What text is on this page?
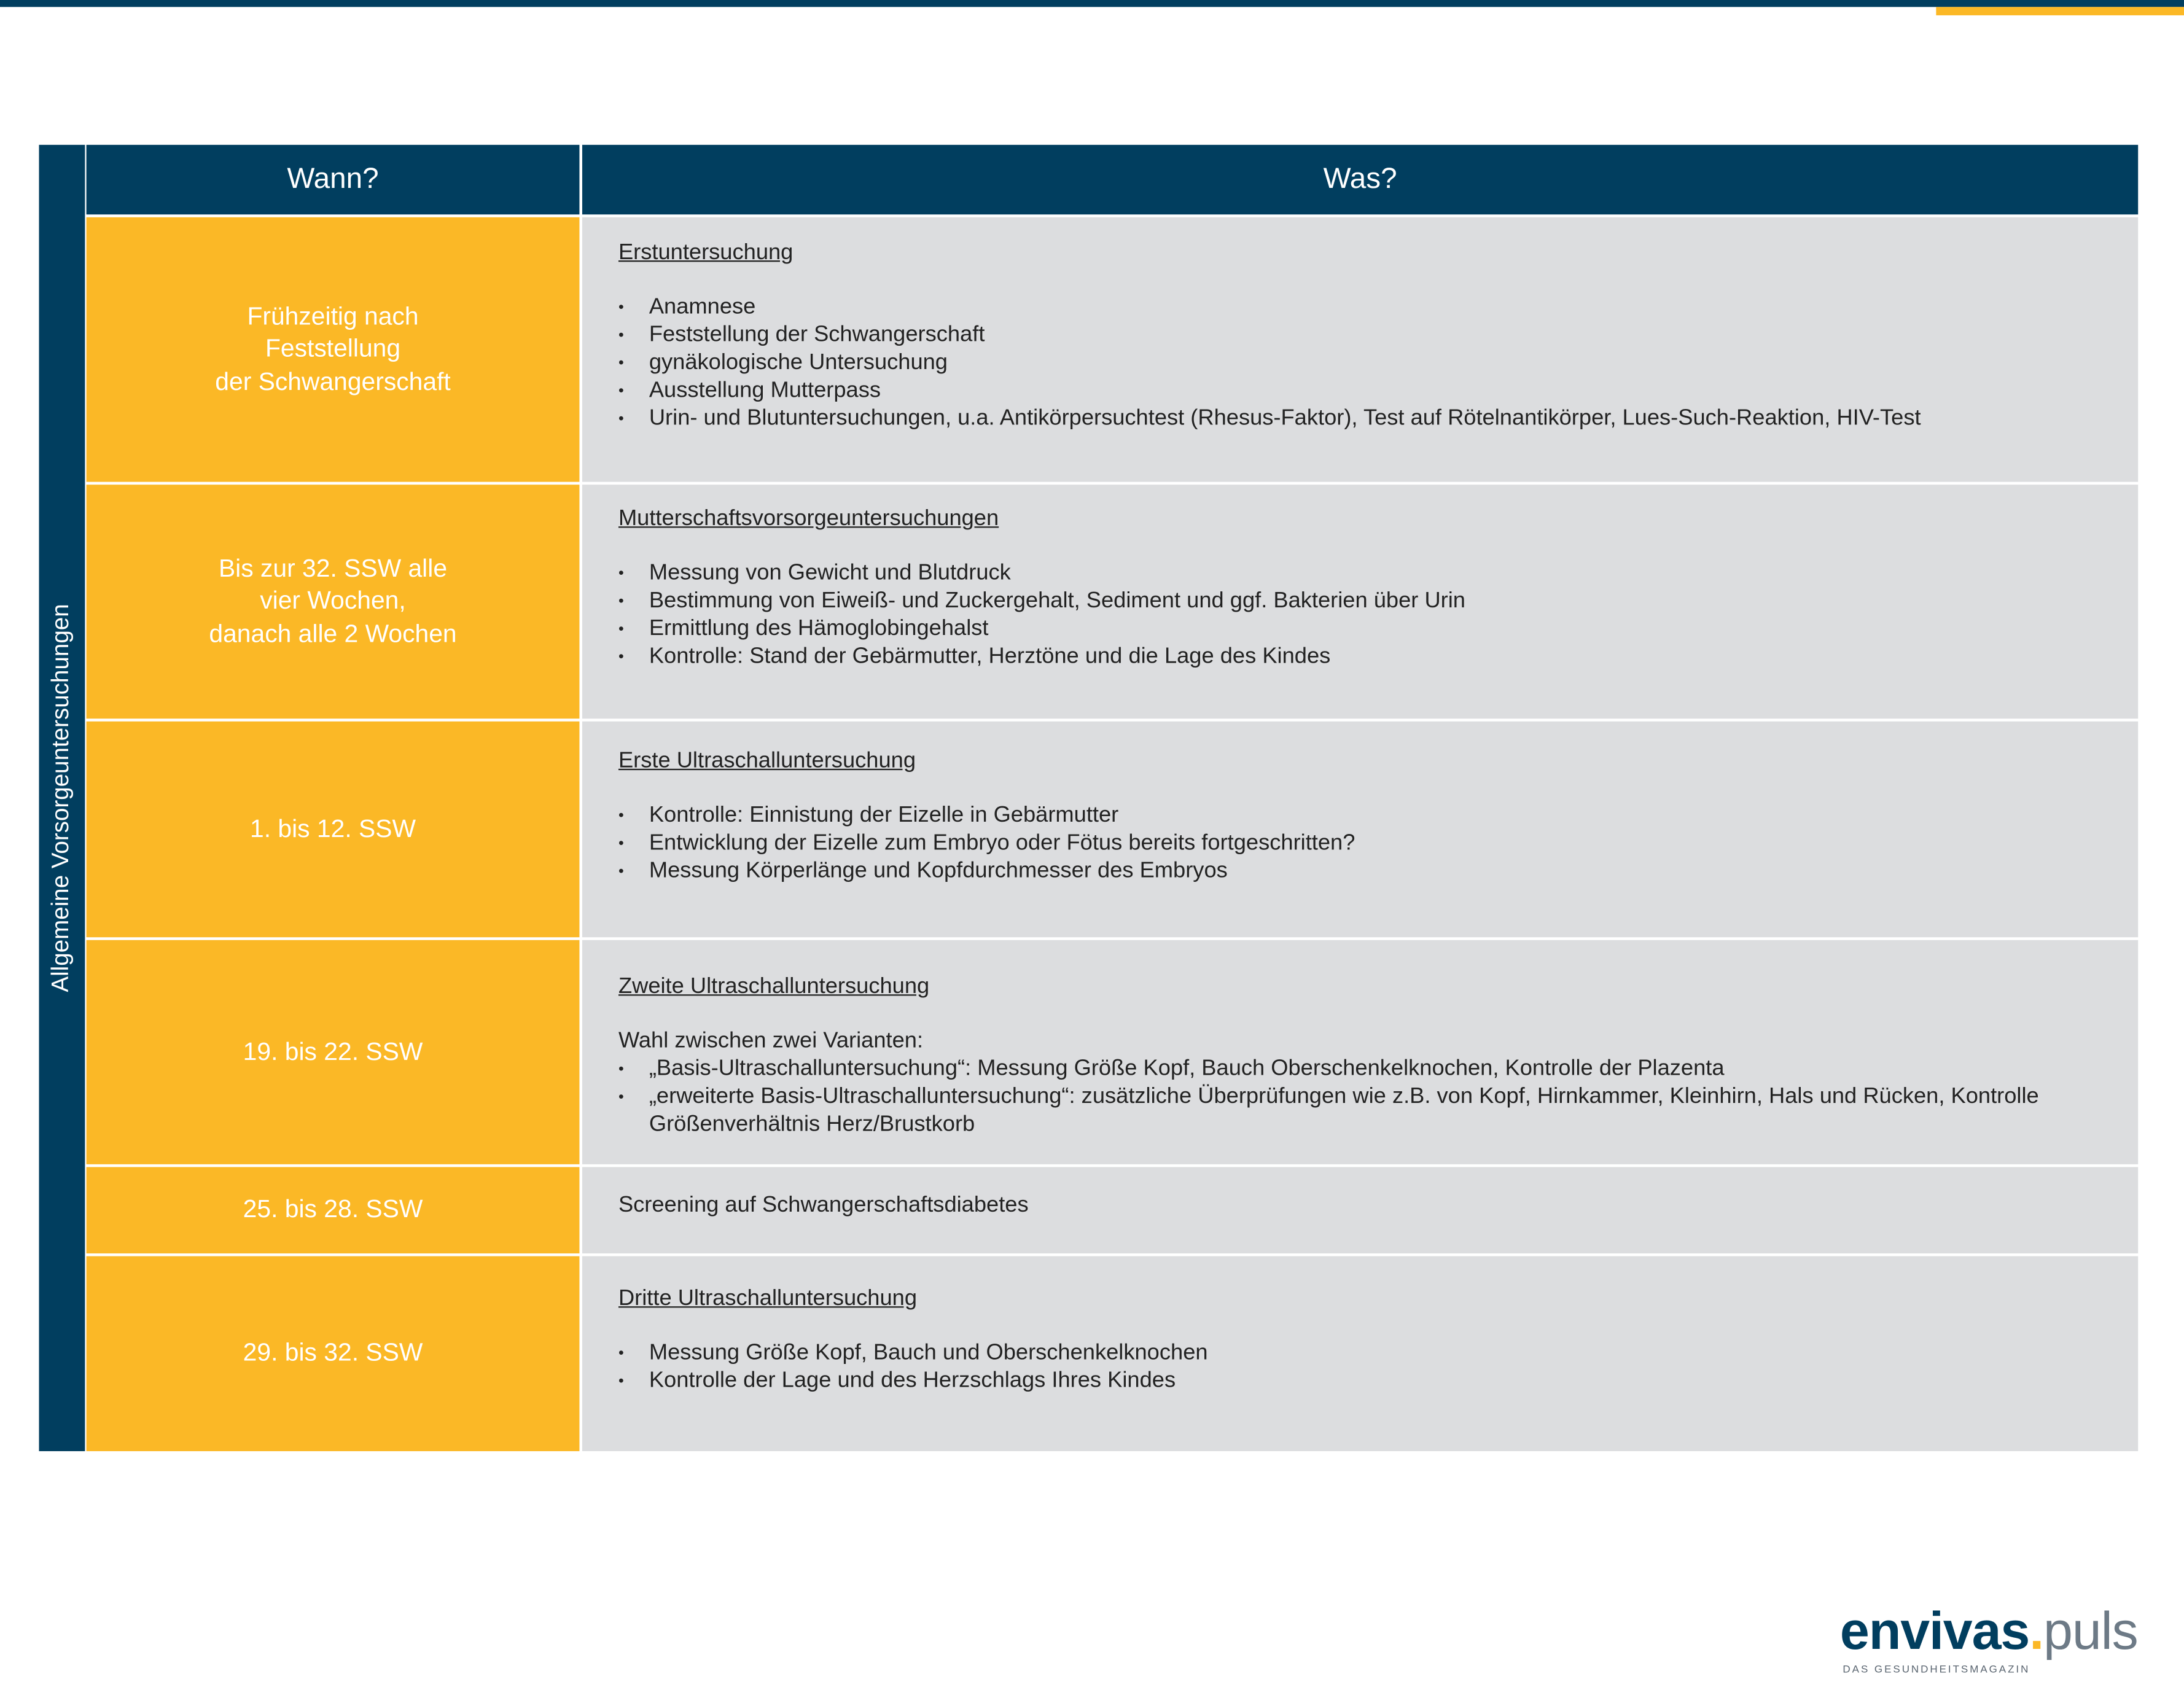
Allgemeine Vorsorgeuntersuchungen
Wann?	Was?
Frühzeitig nach
Feststellung
der Schwangerschaft

Erstuntersuchung

• Anamnese
• Feststellung der Schwangerschaft
• gynäkologische Untersuchung
• Ausstellung Mutterpass
• Urin- und Blutuntersuchungen, u.a. Antikörpersuchtest (Rhesus-Faktor), Test auf Rötelnantikörper, Lues-Such-Reaktion, HIV-Test
Bis zur 32. SSW alle
vier Wochen,
danach alle 2 Wochen

Mutterschaftsvorsorgeuntersuchungen

• Messung von Gewicht und Blutdruck
• Bestimmung von Eiweiß- und Zuckergehalt, Sediment und ggf. Bakterien über Urin
• Ermittlung des Hämoglobingehalst
• Kontrolle: Stand der Gebärmutter, Herztöne und die Lage des Kindes
1. bis 12. SSW

Erste Ultraschalluntersuchung

• Kontrolle: Einnistung der Eizelle in Gebärmutter
• Entwicklung der Eizelle zum Embryo oder Fötus bereits fortgeschritten?
• Messung Körperlänge und Kopfdurchmesser des Embryos
19. bis 22. SSW

Zweite Ultraschalluntersuchung

Wahl zwischen zwei Varianten:

• „Basis-Ultraschalluntersuchung“: Messung Größe Kopf, Bauch Oberschenkelknochen, Kontrolle der Plazenta
• „erweiterte Basis-Ultraschalluntersuchung“: zusätzliche Überprüfungen wie z.B. von Kopf, Hirnkammer, Kleinhirn, Hals und Rücken, Kontrolle Größenverhältnis Herz/Brustkorb
25. bis 28. SSW	Screening auf Schwangerschaftsdiabetes

29. bis 32. SSW

Dritte Ultraschalluntersuchung

• Messung Größe Kopf, Bauch und Oberschenkelknochen
• Kontrolle der Lage und des Herzschlags Ihres Kindes
envivas.puls
DAS GESUNDHEITSMAGAZIN
